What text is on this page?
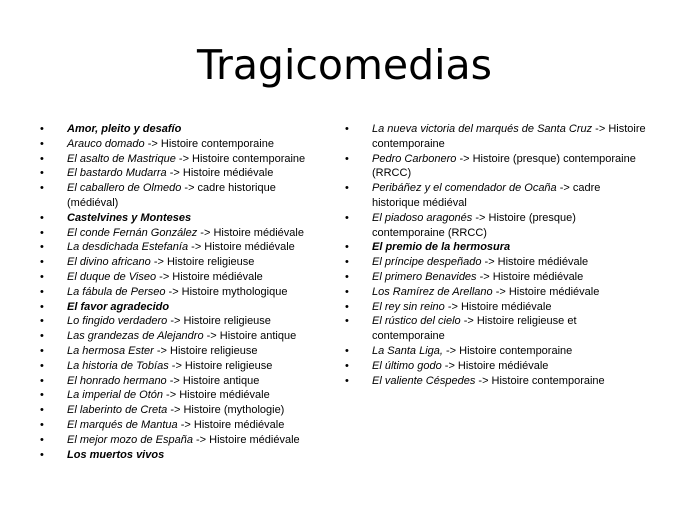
Tragicomedias
• Amor, pleito y desafío
• Arauco domado -> Histoire contemporaine
• El asalto de Mastrique -> Histoire contemporaine
• El bastardo Mudarra -> Histoire médiévale
• El caballero de Olmedo -> cadre historique (médiéval)
• Castelvines y Monteses
• El conde Fernán González -> Histoire médiévale
• La desdichada Estefanía -> Histoire médiévale
• El divino africano -> Histoire religieuse
• El duque de Viseo -> Histoire médiévale
• La fábula de Perseo -> Histoire mythologique
• El favor agradecido
• Lo fingido verdadero -> Histoire religieuse
• Las grandezas de Alejandro -> Histoire antique
• La hermosa Ester -> Histoire religieuse
• La historia de Tobías -> Histoire religieuse
• El honrado hermano -> Histoire antique
• La imperial de Otón -> Histoire médiévale
• El laberinto de Creta -> Histoire (mythologie)
• El marqués de Mantua -> Histoire médiévale
• El mejor mozo de España -> Histoire médiévale
• Los muertos vivos
• La nueva victoria del marqués de Santa Cruz -> Histoire contemporaine
• Pedro Carbonero -> Histoire (presque) contemporaine (RRCC)
• Peribáñez y el comendador de Ocaña -> cadre historique médiéval
• El piadoso aragonés -> Histoire (presque) contemporaine (RRCC)
• El premio de la hermosura
• El príncipe despeñado -> Histoire médiévale
• El primero Benavides -> Histoire médiévale
• Los Ramírez de Arellano -> Histoire médiévale
• El rey sin reino -> Histoire médiévale
• El rústico del cielo -> Histoire religieuse et contemporaine
• La Santa Liga, -> Histoire contemporaine
• El último godo -> Histoire médiévale
• El valiente Céspedes -> Histoire contemporaine
